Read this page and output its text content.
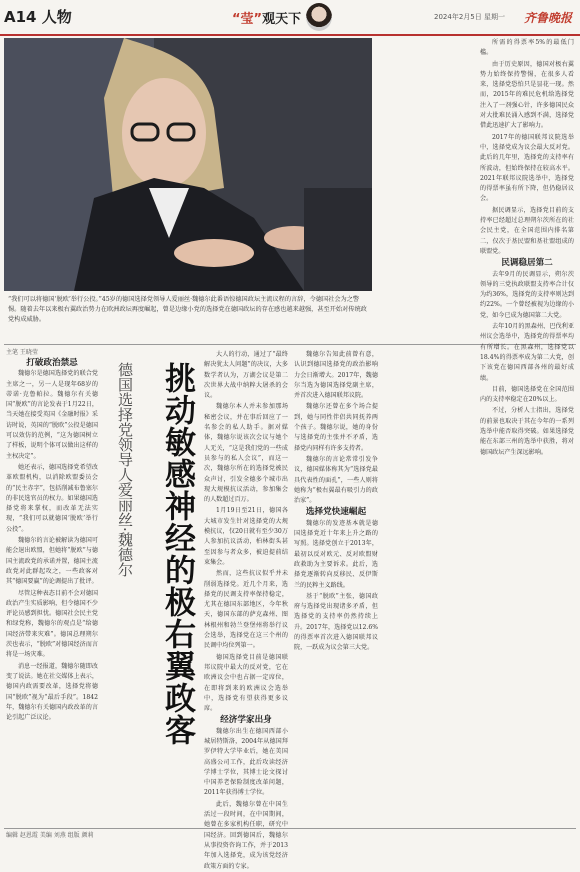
A14 人物	“莹”观天下	2024年2月5日 星期一 齐鲁晚报
“我们可以将德国‘脱欧’举行公投。”45岁的德国选择党领导人爱丽丝·魏德尔此番语惊德国政坛主流议程的言辞，令德国社会为之警惕。随着去年以来极右翼政治势力在欧洲政坛再度崛起，曾是边缘小党的选择党在德国政坛的存在感也越来越强，甚至开始对传统政党构成威胁。
主笔 王晓莹
挑动敏感神经的极右翼政客
德国选择党领导人爱丽丝·魏德尔

打破政治禁忌

魏德尔是德国选择党的联合党主席之一，另一人是现年68岁的蒂诺·克鲁帕拉。魏德尔有关德国“脱欧”的言论发表于1月22日，当天她在接受英国《金融时报》采访时说，英国的“脱欧”公投是德国可以效仿的范例，“这为德国树立了样板，说明个体可以做出这样的主权决定”。

她还表示，德国选择党希望改革欧盟机构，以消除欧盟委员会的“民主赤字”，包括削减布鲁塞尔的非民选官员的权力。如果德国选择党将来掌权，而改革无法实现，“我们可以就德国‘脱欧’举行公投”。

魏德尔的言论被解读为德国可能会退出欧盟，但她将“脱欧”与德国主流政党的承诺并置，德国主流政党对此群起攻之，一些政客对其“德国要赢”的论调提出了批评。

尽管这种表态目前不会对德国政治产生实质影响，但令德国不少评论员感到担忧。德国社会民主党和绿党称，魏德尔的观点是“给德国经济带来灾难”。德国总理朔尔茨也表示，“脱欧”对德国经济而言将是一场灾难。

消息一经报道，魏德尔随即改变了说法。她在社交媒体上表示，德国内政需要改革，选择党将德国“脱欧”视为“最后手段”。1842年，魏德尔有关德国内政改革的言论引起广泛议论。

大人的行动，通过了“最终解决犹太人问题”的决议，大多数学者认为，万湖会议是第二次世界大战中纳粹大屠杀的会议。

魏德尔本人并未参加那场秘密会议，并在事后回应了一名参会的私人助手。据对媒体，魏德尔说该次会议与她个人无关，“这是我们党的一些成员参与的私人会议”，而这一次，魏德尔所在的选择党被民众声讨，引发全德多个城市出现大规模抗议活动，参加集会的人数超过百万。

1月19日至21日，德国各大城市发生针对选择党的大规模抗议，仅20日就有至少30万人参加抗议活动，柏林街头甚至因参与者众多，被迫提前结束集会。

然而，这些抗议似乎并未削弱选择党。近几个月来，选择党的民调支持率保持稳定，尤其在德国东部地区，今年秋天，德国东部的萨克森州、图林根州和勃兰登堡州将举行议会选举，选择党在这三个州的民调中均位列第一。

德国选择党目前是德国联邦议院中最大的反对党，它在欧洲议会中也占据一定席位，在即将到来的欧洲议会选举中，选择党有望获得更多议席。

经济学家出身

魏德尔出生在德国西部小城居特斯洛，2004年从德国拜罗伊特大学毕业后，她在美国高盛公司工作，此后攻读经济学博士学位，其博士论文探讨中国养老保险制度改革问题，2011年获得博士学位。

此后，魏德尔曾在中国生活过一段时间，在中国期间，她曾在多家机构任职，研究中国经济。回到德国后，魏德尔从事投资咨询工作，并于2013年加入选择党，成为该党经济政策方面的专家。

魏德尔告知此前曾有意，认识到德国选择党的政治影响力会日渐增大。2017年，魏德尔当选为德国选择党副主席，并首次进入德国联邦议院。

魏德尔还曾在多个场合提到，她与同性伴侣共同抚养两个孩子。魏德尔说，她的身份与选择党的主张并不矛盾，选择党内同样有许多支持者。

魏德尔的言论常常引发争议，德国媒体称其为“选择党最具代表性的面孔”，一些人则将她称为“极右翼最有吸引力的政治家”。

选择党快速崛起

魏德尔的发迹基本就是德国选择党近十年来上升之路的写照。选择党创立于2013年，最初以反对欧元、反对欧盟财政救助为主要诉求。此后，选择党逐渐转向反移民、反伊斯兰的民粹主义路线。

基于“脱欧”主张，德国政府与选择党出现诸多矛盾，但选择党的支持率仍然持续上升。2017年，选择党以12.6%的得票率首次进入德国联邦议院，一跃成为议会第三大党。

所需的得票率5%的最低门槛。

由于历史原因，德国对极右翼势力始终保持警惕，在很多人看来，选择党恐怕只是昙花一现。然而，2015年的难民危机给选择党注入了一剂强心针，许多德国民众对大批难民涌入感到不满，选择党借此迅速扩大了影响力。

2017年的德国联邦议院选举中，选择党成为议会最大反对党。此后的几年里，选择党的支持率有所波动，但始终保持在较高水平。2021年联邦议院选举中，选择党的得票率虽有所下降，但仍稳居议会。

据民调显示，选择党目前的支持率已经超过总理朔尔茨所在的社会民主党，在全国范围内排名第二，仅次于基民盟和基社盟组成的联盟党。

民调稳居第二

去年9月的民调显示，朔尔茨领导的三党执政联盟支持率合计仅为约36%，选择党的支持率则达到约22%。一个曾经被视为边缘的小党，如今已成为德国第二大党。

去年10月的黑森州、巴伐利亚州议会选举中，选择党的得票率均有所增长。在黑森州，选择党以18.4%的得票率成为第二大党，创下该党在德国西部各州的最好成绩。

目前，德国选择党在全国范围内的支持率稳定在20%以上。

不过，分析人士指出，选择党的前景也取决于其在今年的一系列选举中能否取得突破。如果选择党能在东部三州的选举中获胜，将对德国政坛产生深远影响。

编辑 赵恩霞 美编 刘燕 组版 颜莉
